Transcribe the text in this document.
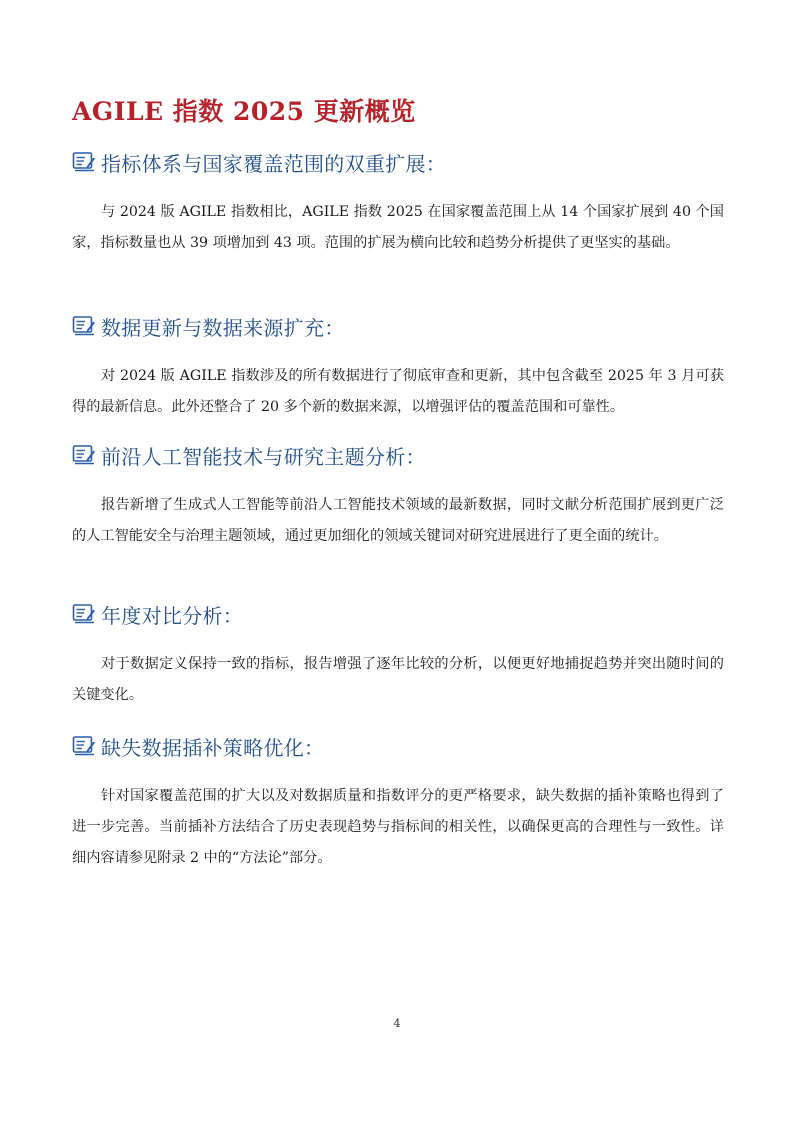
AGILE 指数 2025 更新概览
指标体系与国家覆盖范围的双重扩展：

与 2024 版 AGILE 指数相比，AGILE 指数 2025 在国家覆盖范围上从 14 个国家扩展到 40 个国家，指标数量也从 39 项增加到 43 项。范围的扩展为横向比较和趋势分析提供了更坚实的基础。

数据更新与数据来源扩充：

对 2024 版 AGILE 指数涉及的所有数据进行了彻底审查和更新，其中包含截至 2025 年 3 月可获得的最新信息。此外还整合了 20 多个新的数据来源，以增强评估的覆盖范围和可靠性。

前沿人工智能技术与研究主题分析：

报告新增了生成式人工智能等前沿人工智能技术领域的最新数据，同时文献分析范围扩展到更广泛的人工智能安全与治理主题领域，通过更加细化的领域关键词对研究进展进行了更全面的统计。

年度对比分析：

对于数据定义保持一致的指标，报告增强了逐年比较的分析，以便更好地捕捉趋势并突出随时间的关键变化。

缺失数据插补策略优化：

针对国家覆盖范围的扩大以及对数据质量和指数评分的更严格要求，缺失数据的插补策略也得到了进一步完善。当前插补方法结合了历史表现趋势与指标间的相关性，以确保更高的合理性与一致性。详细内容请参见附录 2 中的“方法论”部分。

4
